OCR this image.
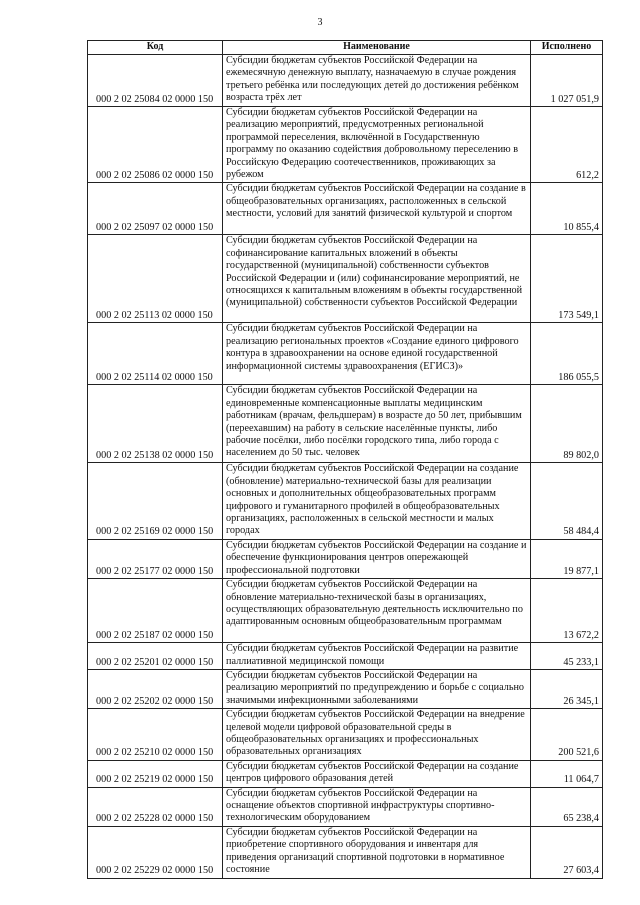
3
Код	Наименование	Исполнено
000 2 02 25084 02 0000 150	Субсидии бюджетам субъектов Российской Федерации на ежемесячную денежную выплату, назначаемую в случае рождения третьего ребёнка или последующих детей до достижения ребёнком возраста трёх лет	1 027 051,9
000 2 02 25086 02 0000 150	Субсидии бюджетам субъектов Российской Федерации на реализацию мероприятий, предусмотренных региональной программой переселения, включённой в Государственную программу по оказанию содействия добровольному переселению в Российскую Федерацию соотечественников, проживающих за рубежом	612,2
000 2 02 25097 02 0000 150	Субсидии бюджетам субъектов Российской Федерации на создание в общеобразовательных организациях, расположенных в сельской местности, условий для занятий физической культурой и спортом	10 855,4
000 2 02 25113 02 0000 150	Субсидии бюджетам субъектов Российской Федерации на софинансирование капитальных вложений в объекты государственной (муниципальной) собственности субъектов Российской Федерации и (или) софинансирование мероприятий, не относящихся к капитальным вложениям в объекты государственной (муниципальной) собственности субъектов Российской Федерации	173 549,1
000 2 02 25114 02 0000 150	Субсидии бюджетам субъектов Российской Федерации на реализацию региональных проектов «Создание единого цифрового контура в здравоохранении на основе единой государственной информационной системы здравоохранения (ЕГИСЗ)»	186 055,5
000 2 02 25138 02 0000 150	Субсидии бюджетам субъектов Российской Федерации на единовременные компенсационные выплаты медицинским работникам (врачам, фельдшерам) в возрасте до 50 лет, прибывшим (переехавшим) на работу в сельские населённые пункты, либо рабочие посёлки, либо посёлки городского типа, либо города с населением до 50 тыс. человек	89 802,0
000 2 02 25169 02 0000 150	Субсидии бюджетам субъектов Российской Федерации на создание (обновление) материально-технической базы для реализации основных и дополнительных общеобразовательных программ цифрового и гуманитарного профилей в общеобразовательных организациях, расположенных в сельской местности и малых городах	58 484,4
000 2 02 25177 02 0000 150	Субсидии бюджетам субъектов Российской Федерации на создание и обеспечение функционирования центров опережающей профессиональной подготовки	19 877,1
000 2 02 25187 02 0000 150	Субсидии бюджетам субъектов Российской Федерации на обновление материально-технической базы в организациях, осуществляющих образовательную деятельность исключительно по адаптированным основным общеобразовательным программам	13 672,2
000 2 02 25201 02 0000 150	Субсидии бюджетам субъектов Российской Федерации на развитие паллиативной медицинской помощи	45 233,1
000 2 02 25202 02 0000 150	Субсидии бюджетам субъектов Российской Федерации на реализацию мероприятий по предупреждению и борьбе с социально значимыми инфекционными заболеваниями	26 345,1
000 2 02 25210 02 0000 150	Субсидии бюджетам субъектов Российской Федерации на внедрение целевой модели цифровой образовательной среды в общеобразовательных организациях и профессиональных образовательных организациях	200 521,6
000 2 02 25219 02 0000 150	Субсидии бюджетам субъектов Российской Федерации на создание центров цифрового образования детей	11 064,7
000 2 02 25228 02 0000 150	Субсидии бюджетам субъектов Российской Федерации на оснащение объектов спортивной инфраструктуры спортивно-технологическим оборудованием	65 238,4
000 2 02 25229 02 0000 150	Субсидии бюджетам субъектов Российской Федерации на приобретение спортивного оборудования и инвентаря для приведения организаций спортивной подготовки в нормативное состояние	27 603,4
